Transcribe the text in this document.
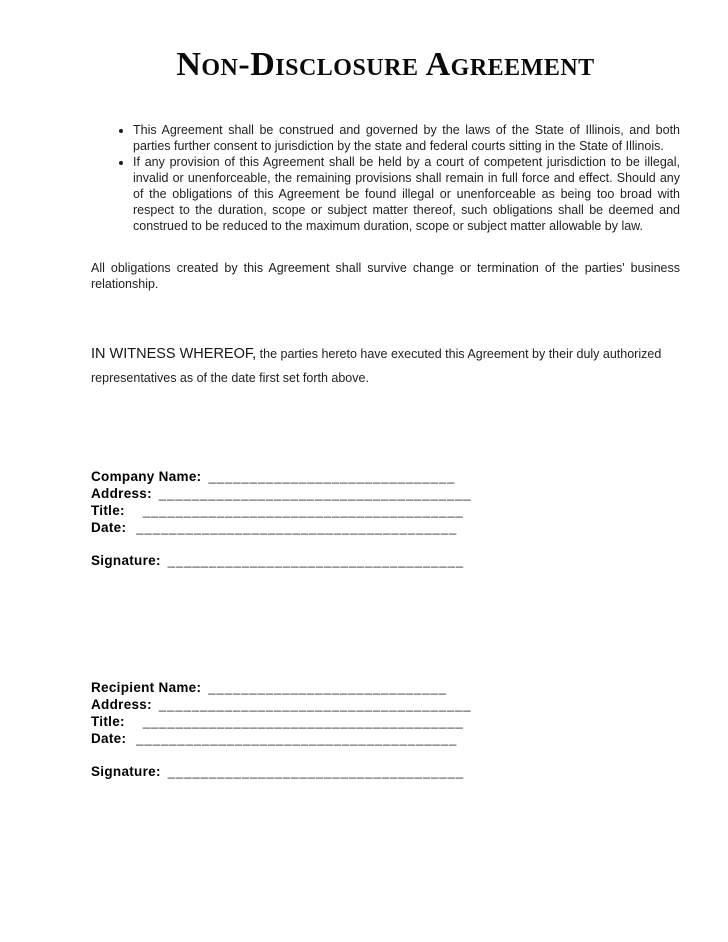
Non-Disclosure Agreement
• This Agreement shall be construed and governed by the laws of the State of Illinois, and both parties further consent to jurisdiction by the state and federal courts sitting in the State of Illinois.
• If any provision of this Agreement shall be held by a court of competent jurisdiction to be illegal, invalid or unenforceable, the remaining provisions shall remain in full force and effect. Should any of the obligations of this Agreement be found illegal or unenforceable as being too broad with respect to the duration, scope or subject matter thereof, such obligations shall be deemed and construed to be reduced to the maximum duration, scope or subject matter allowable by law.

All obligations created by this Agreement shall survive change or termination of the parties' business relationship.

IN WITNESS WHEREOF, the parties hereto have executed this Agreement by their duly authorized representatives as of the date first set forth above.

Company Name: ______________________________
Address: ______________________________________
Title: _______________________________________
Date: _______________________________________
Signature: ____________________________________
Recipient Name: _____________________________
Address: ______________________________________
Title: _______________________________________
Date: _______________________________________
Signature: ____________________________________
